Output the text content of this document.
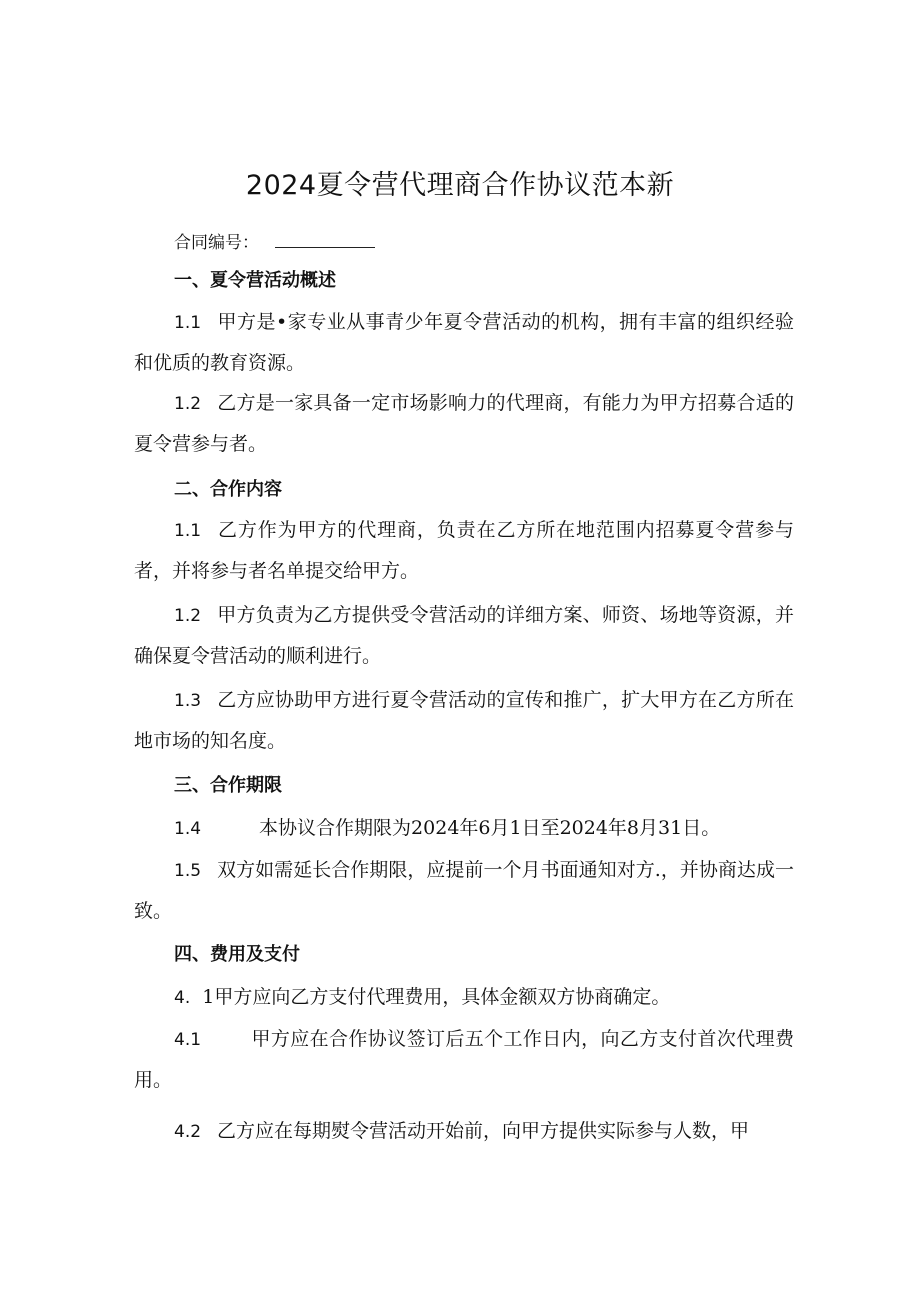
2024夏令营代理商合作协议范本新
合同编号：
一、夏令营活动概述
1.1 甲方是•家专业从事青少年夏令营活动的机构，拥有丰富的组织经验和优质的教育资源。
1.2 乙方是一家具备一定市场影响力的代理商，有能力为甲方招募合适的夏令营参与者。
二、合作内容
1.1 乙方作为甲方的代理商，负责在乙方所在地范围内招募夏令营参与者，并将参与者名单提交给甲方。
1.2 甲方负责为乙方提供受令营活动的详细方案、师资、场地等资源，并确保夏令营活动的顺利进行。
1.3 乙方应协助甲方进行夏令营活动的宣传和推广，扩大甲方在乙方所在地市场的知名度。
三、合作期限
1.4	本协议合作期限为2024年6月1日至2024年8月31日。
1.5 双方如需延长合作期限，应提前一个月书面通知对方.，并协商达成一致。
四、费用及支付
4. 1甲方应向乙方支付代理费用，具体金额双方协商确定。
4.1	甲方应在合作协议签订后五个工作日内，向乙方支付首次代理费用。
4.2 乙方应在每期熨令营活动开始前，向甲方提供实际参与人数，甲
